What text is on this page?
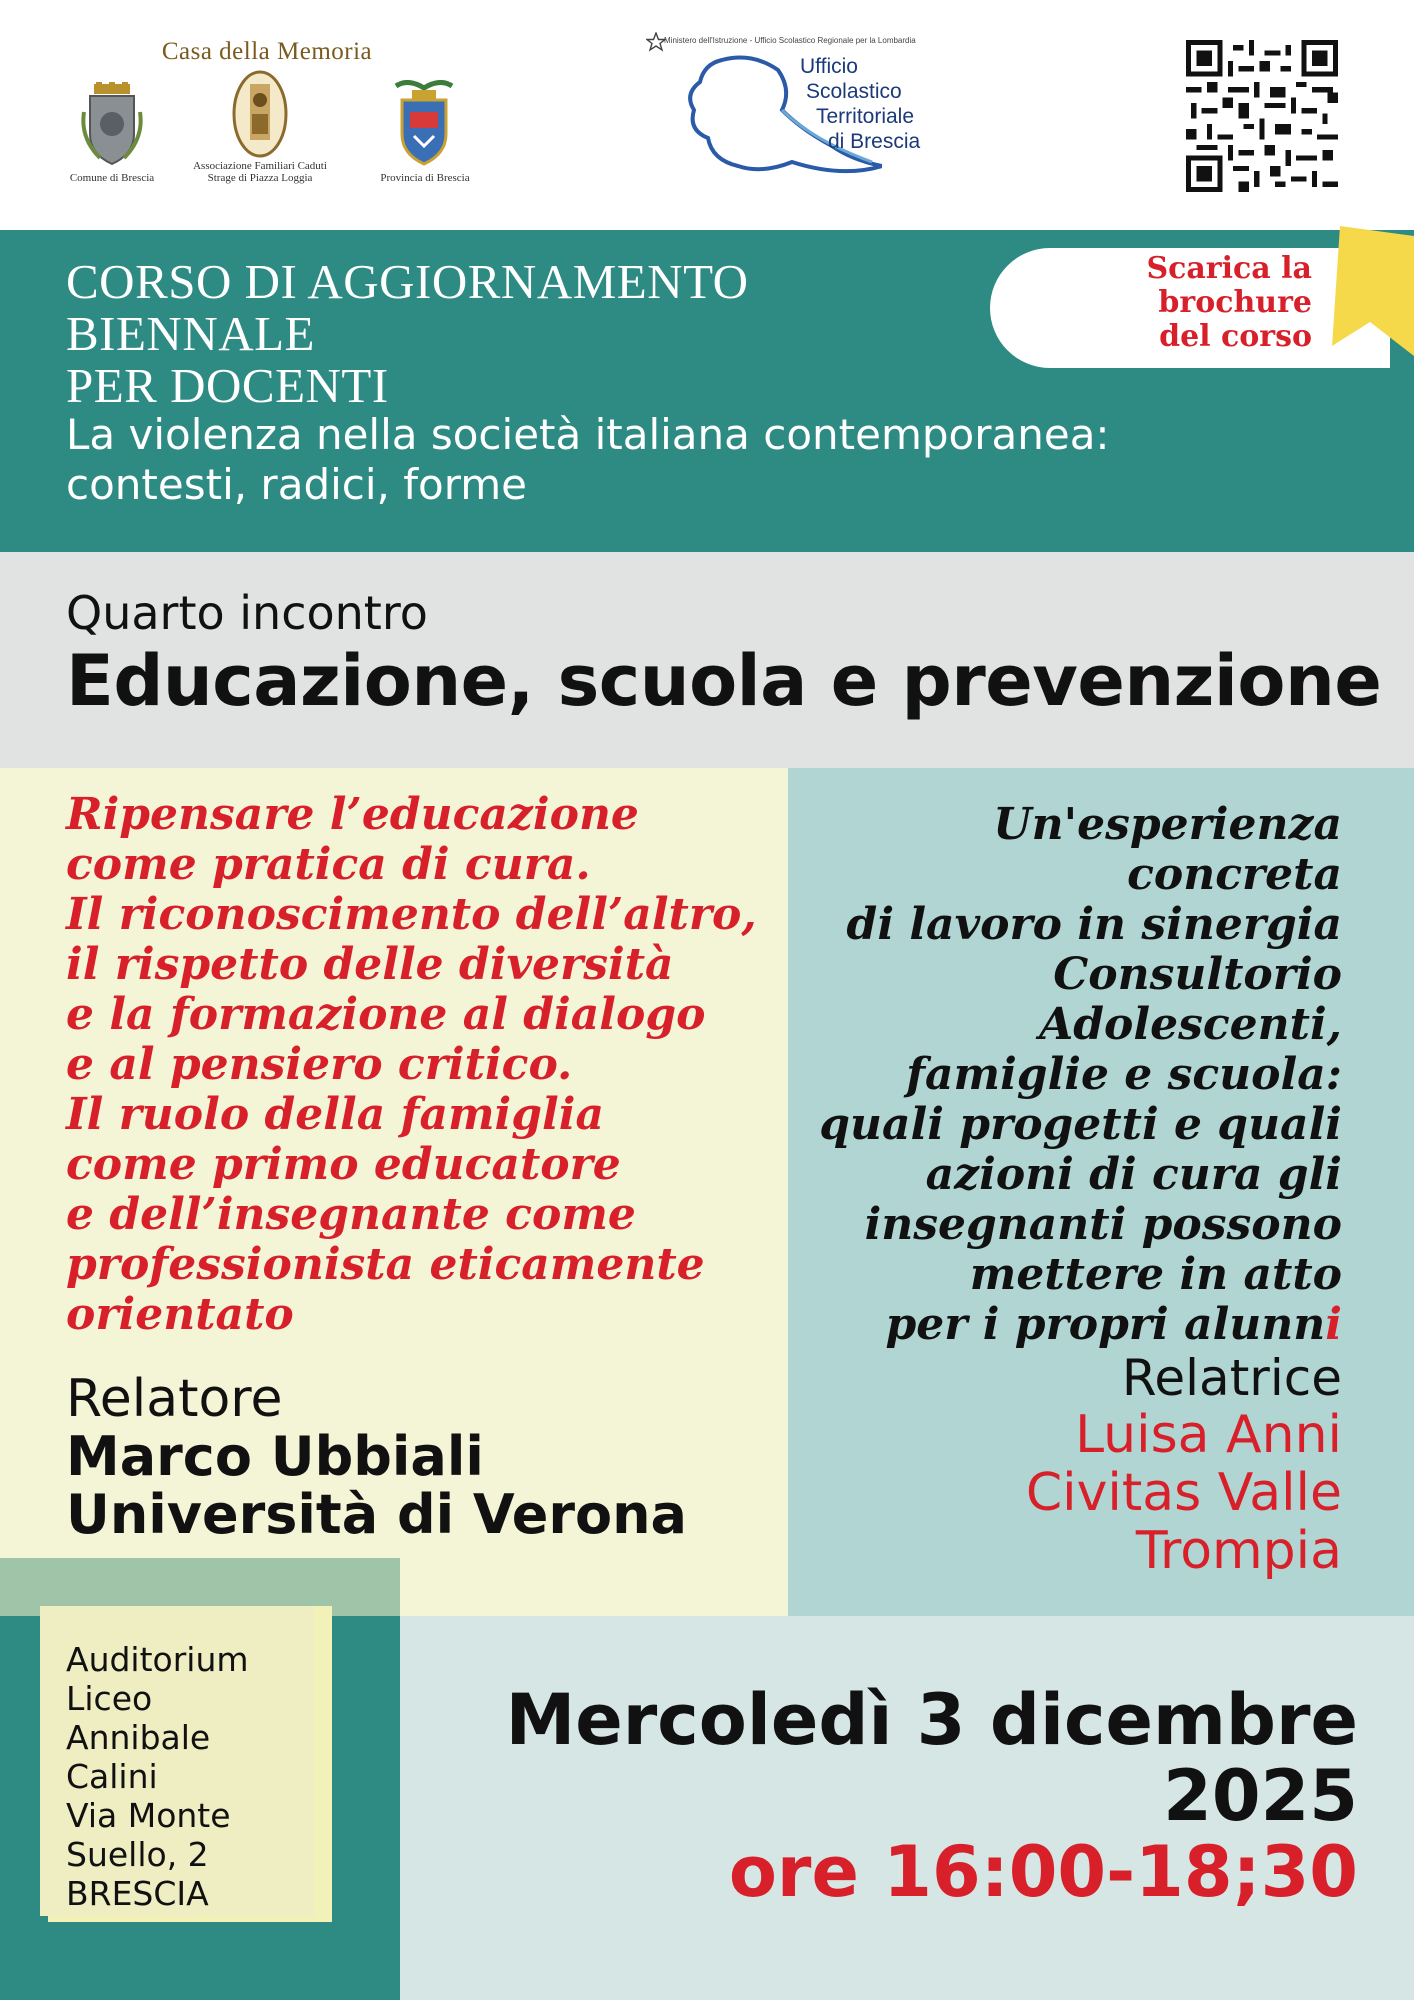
Casa della Memoria
Comune di Brescia
Associazione Familiari Caduti
Strage di Piazza Loggia	Provincia di Brescia
Ministero dell'Istruzione - Ufficio Scolastico Regionale per la Lombardia
Ufficio
Scolastico
Territoriale
di Brescia
CORSO DI AGGIORNAMENTO
BIENNALE
PER DOCENTI
La violenza nella società italiana contemporanea:
contesti, radici, forme
Scarica la
brochure
del corso
Quarto incontro
Educazione, scuola e prevenzione
Ripensare l’educazione
come pratica di cura.
Il riconoscimento dell’altro,
il rispetto delle diversità
e la formazione al dialogo
e al pensiero critico.
Il ruolo della famiglia
come primo educatore
e dell’insegnante come
professionista eticamente
orientato
Relatore
Marco Ubbiali
Università di Verona
Un'esperienza
concreta
di lavoro in sinergia
Consultorio
Adolescenti,
famiglie e scuola:
quali progetti e quali
azioni di cura gli
insegnanti possono
mettere in atto
per i propri alunni
Relatrice
Luisa Anni
Civitas Valle
Trompia
Auditorium
Liceo
Annibale
Calini
Via Monte
Suello, 2
BRESCIA
Mercoledì 3 dicembre
2025
ore 16:00-18;30
